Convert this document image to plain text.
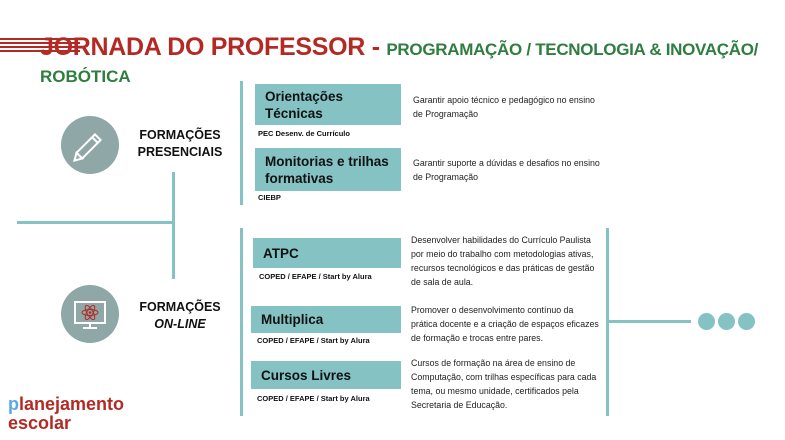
JORNADA DO PROFESSOR - PROGRAMAÇÃO / TECNOLOGIA & INOVAÇÃO/
ROBÓTICA
FORMAÇÕES
PRESENCIAIS
FORMAÇÕES
ON-LINE
Orientações Técnicas
PEC Desenv. de Currículo
Garantir apoio técnico e pedagógico no ensino de Programação
Monitorias e trilhas formativas
CIEBP
Garantir suporte a dúvidas e desafios no ensino de Programação
ATPC
COPED / EFAPE / Start by Alura
Desenvolver habilidades do Currículo Paulista por meio do trabalho com metodologias ativas, recursos tecnológicos e das práticas de gestão de sala de aula.
Multiplica
COPED / EFAPE / Start by Alura
Promover o desenvolvimento contínuo da prática docente e a criação de espaços eficazes de formação e trocas entre pares.
Cursos Livres
COPED / EFAPE / Start by Alura
Cursos de formação na área de ensino de Computação, com trilhas específicas para cada tema, ou mesmo unidade, certificados pela Secretaria de Educação.
planejamento
escolar
